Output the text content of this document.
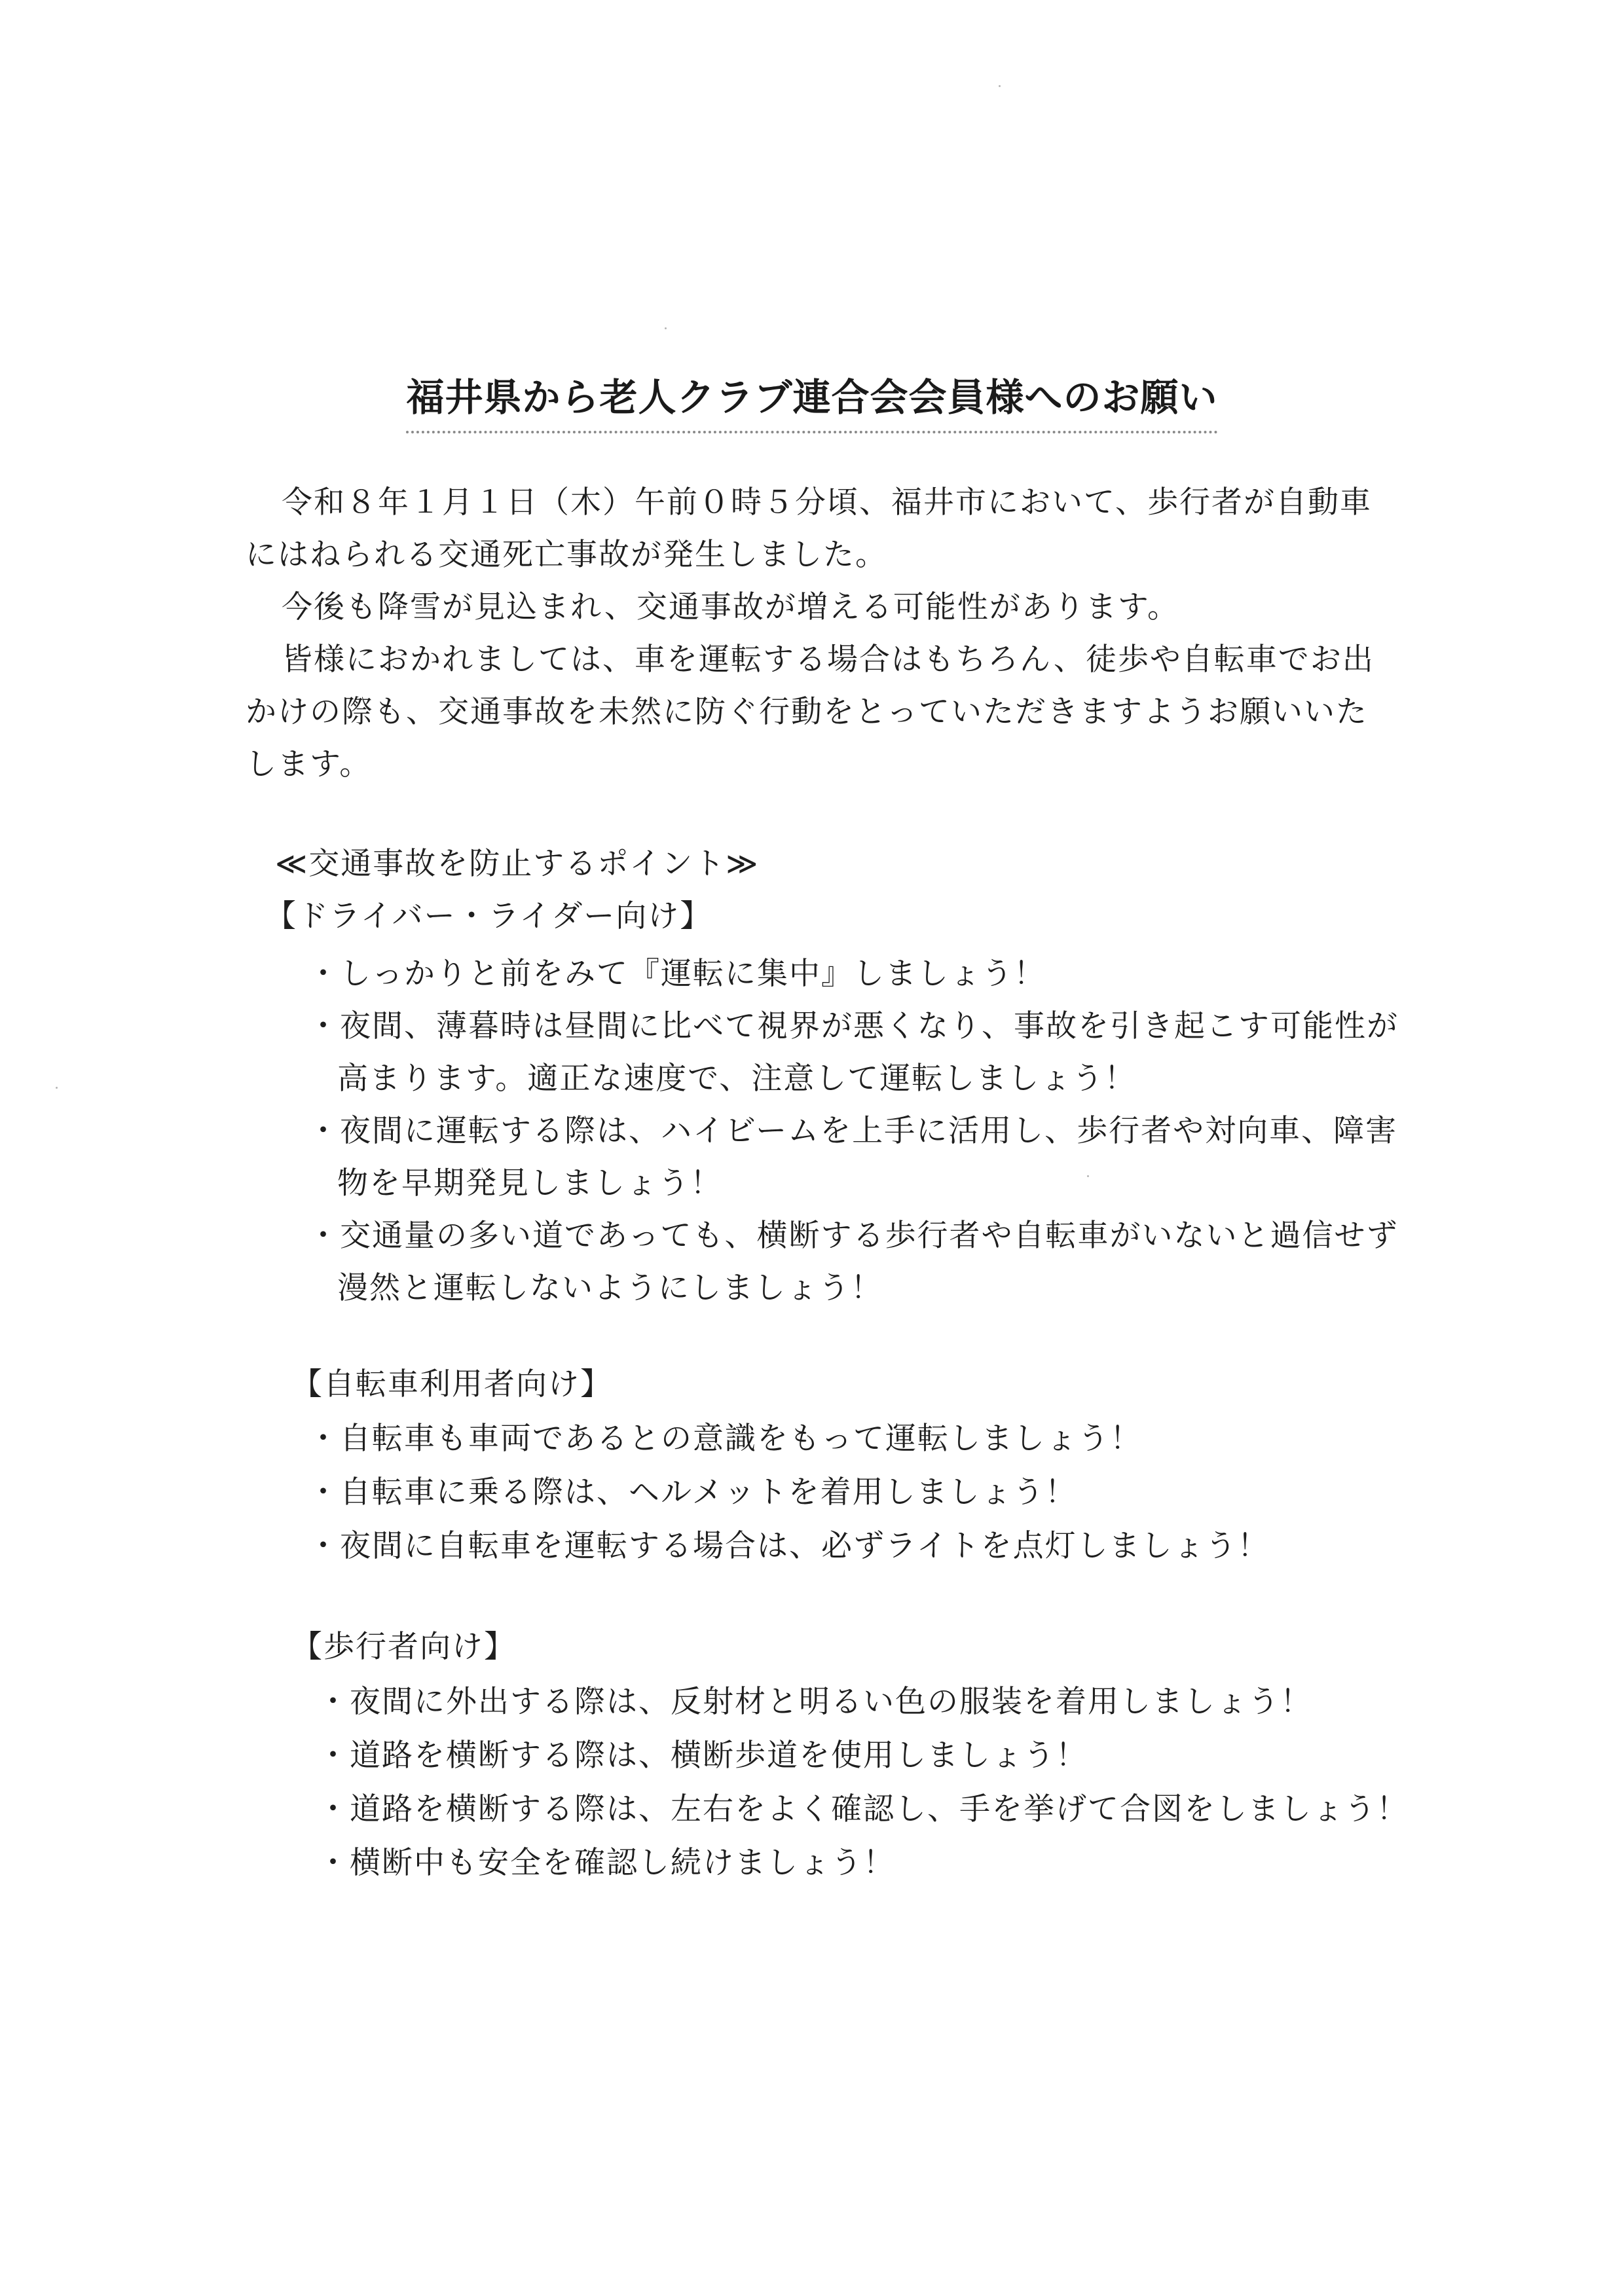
福井県から老人クラブ連合会会員様へのお願い
令和８年１月１日（木）午前０時５分頃、福井市において、歩行者が自動車
にはねられる交通死亡事故が発生しました。
今後も降雪が見込まれ、交通事故が増える可能性があります。
皆様におかれましては、車を運転する場合はもちろん、徒歩や自転車でお出
かけの際も、交通事故を未然に防ぐ行動をとっていただきますようお願いいた
します。
≪交通事故を防止するポイント≫
【ドライバー・ライダー向け】
・しっかりと前をみて『運転に集中』しましょう！
・夜間、薄暮時は昼間に比べて視界が悪くなり、事故を引き起こす可能性が
高まります。適正な速度で、注意して運転しましょう！
・夜間に運転する際は、ハイビームを上手に活用し、歩行者や対向車、障害
物を早期発見しましょう！
・交通量の多い道であっても、横断する歩行者や自転車がいないと過信せず
漫然と運転しないようにしましょう！
【自転車利用者向け】
・自転車も車両であるとの意識をもって運転しましょう！
・自転車に乗る際は、ヘルメットを着用しましょう！
・夜間に自転車を運転する場合は、必ずライトを点灯しましょう！
【歩行者向け】
・夜間に外出する際は、反射材と明るい色の服装を着用しましょう！
・道路を横断する際は、横断歩道を使用しましょう！
・道路を横断する際は、左右をよく確認し、手を挙げて合図をしましょう！
・横断中も安全を確認し続けましょう！
